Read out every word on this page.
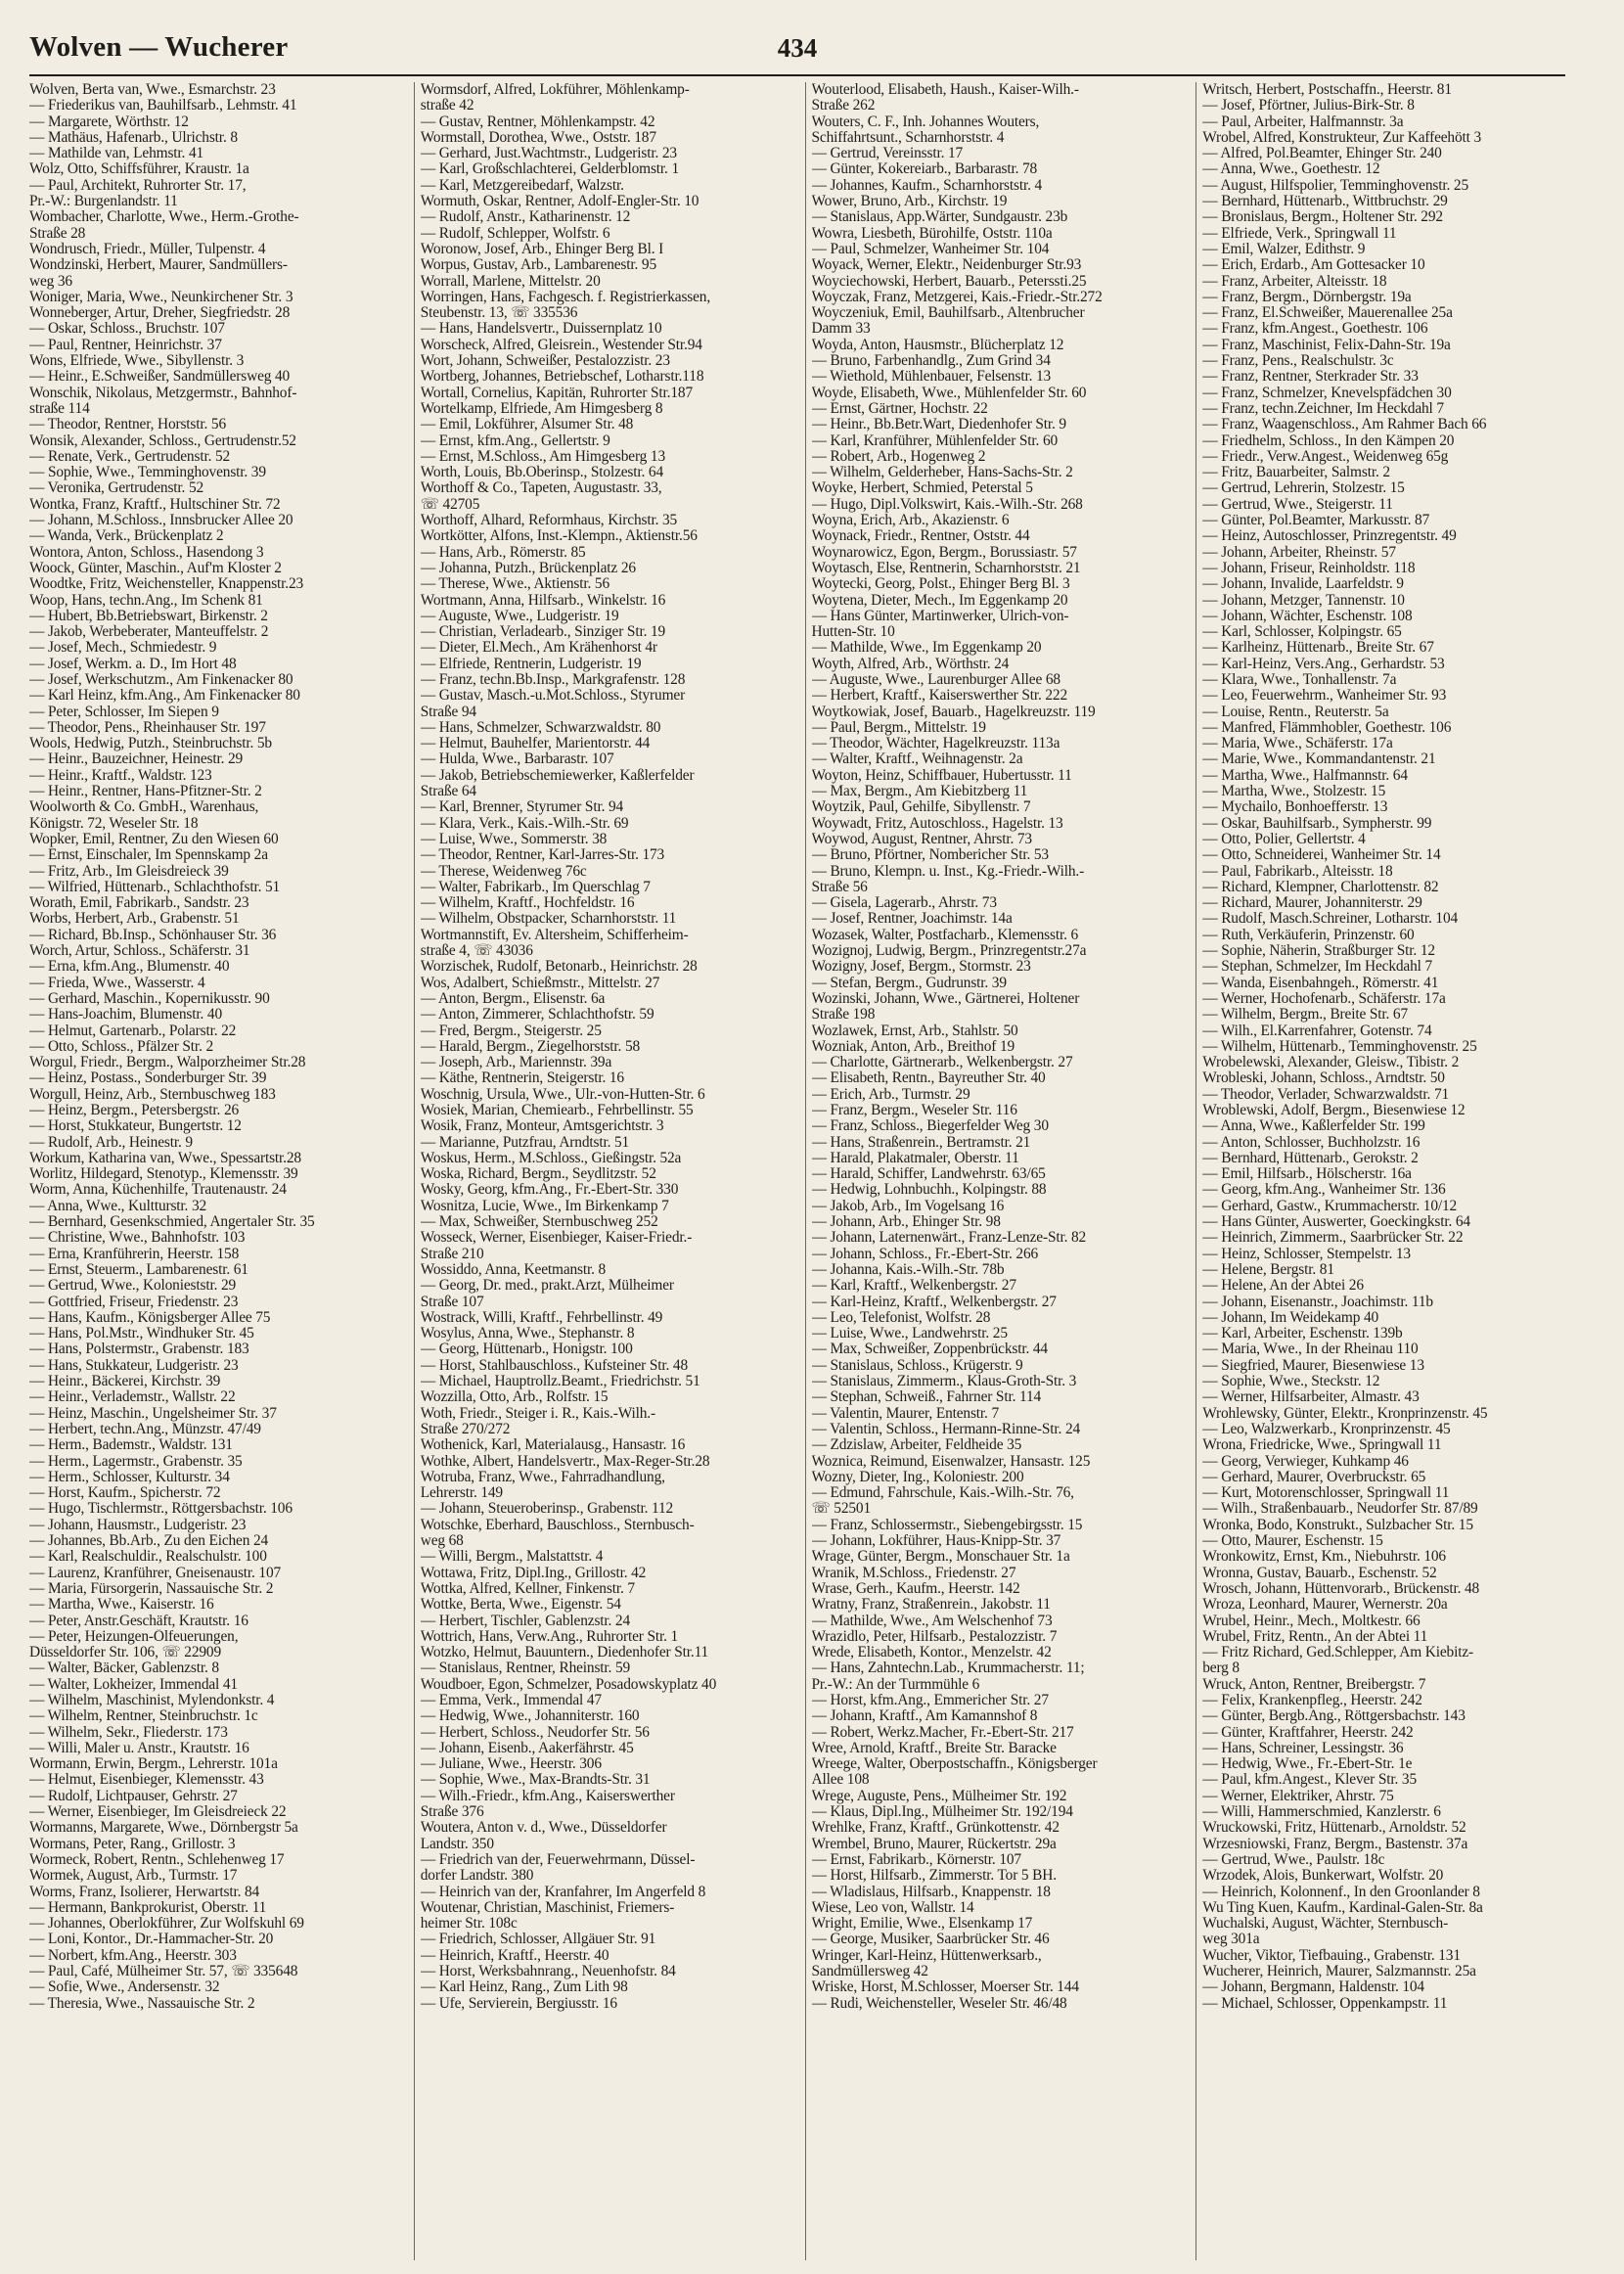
Wolven — Wucherer	434
Wolven, Berta van, Wwe., Esmarchstr. 23
— Friederikus van, Bauhilfsarb., Lehmstr. 41
— Margarete, Wörthstr. 12
— Mathäus, Hafenarb., Ulrichstr. 8
— Mathilde van, Lehmstr. 41
Wolz, Otto, Schiffsführer, Kraustr. 1a
— Paul, Architekt, Ruhrorter Str. 17,
Pr.-W.: Burgenlandstr. 11
Wombacher, Charlotte, Wwe., Herm.-Grothe-
Straße 28
Wondrusch, Friedr., Müller, Tulpenstr. 4
Wondzinski, Herbert, Maurer, Sandmüllers-
weg 36
Woniger, Maria, Wwe., Neunkirchener Str. 3
Wonneberger, Artur, Dreher, Siegfriedstr. 28
— Oskar, Schloss., Bruchstr. 107
— Paul, Rentner, Heinrichstr. 37
Wons, Elfriede, Wwe., Sibyllenstr. 3
— Heinr., E.Schweißer, Sandmüllersweg 40
Wonschik, Nikolaus, Metzgermstr., Bahnhof-
straße 114
— Theodor, Rentner, Horststr. 56
Wonsik, Alexander, Schloss., Gertrudenstr.52
— Renate, Verk., Gertrudenstr. 52
— Sophie, Wwe., Temminghovenstr. 39
— Veronika, Gertrudenstr. 52
Wontka, Franz, Kraftf., Hultschiner Str. 72
— Johann, M.Schloss., Innsbrucker Allee 20
— Wanda, Verk., Brückenplatz 2
Wontora, Anton, Schloss., Hasendong 3
Woock, Günter, Maschin., Auf'm Kloster 2
Woodtke, Fritz, Weichensteller, Knappenstr.23
Woop, Hans, techn.Ang., Im Schenk 81
— Hubert, Bb.Betriebswart, Birkenstr. 2
— Jakob, Werbeberater, Manteuffelstr. 2
— Josef, Mech., Schmiedestr. 9
— Josef, Werkm. a. D., Im Hort 48
— Josef, Werkschutzm., Am Finkenacker 80
— Karl Heinz, kfm.Ang., Am Finkenacker 80
— Peter, Schlosser, Im Siepen 9
— Theodor, Pens., Rheinhauser Str. 197
Wools, Hedwig, Putzh., Steinbruchstr. 5b
— Heinr., Bauzeichner, Heinestr. 29
— Heinr., Kraftf., Waldstr. 123
— Heinr., Rentner, Hans-Pfitzner-Str. 2
Woolworth & Co. GmbH., Warenhaus,
Königstr. 72, Weseler Str. 18
Wopker, Emil, Rentner, Zu den Wiesen 60
— Ernst, Einschaler, Im Spennskamp 2a
— Fritz, Arb., Im Gleisdreieck 39
— Wilfried, Hüttenarb., Schlachthofstr. 51
Worath, Emil, Fabrikarb., Sandstr. 23
Worbs, Herbert, Arb., Grabenstr. 51
— Richard, Bb.Insp., Schönhauser Str. 36
Worch, Artur, Schloss., Schäferstr. 31
— Erna, kfm.Ang., Blumenstr. 40
— Frieda, Wwe., Wasserstr. 4
— Gerhard, Maschin., Kopernikusstr. 90
— Hans-Joachim, Blumenstr. 40
— Helmut, Gartenarb., Polarstr. 22
— Otto, Schloss., Pfälzer Str. 2
Worgul, Friedr., Bergm., Walporzheimer Str.28
— Heinz, Postass., Sonderburger Str. 39
Worgull, Heinz, Arb., Sternbuschweg 183
— Heinz, Bergm., Petersbergstr. 26
— Horst, Stukkateur, Bungertstr. 12
— Rudolf, Arb., Heinestr. 9
Workum, Katharina van, Wwe., Spessartstr.28
Worlitz, Hildegard, Stenotyp., Klemensstr. 39
Worm, Anna, Küchenhilfe, Trautenaustr. 24
— Anna, Wwe., Kultturstr. 32
— Bernhard, Gesenkschmied, Angertaler Str. 35
— Christine, Wwe., Bahnhofstr. 103
— Erna, Kranführerin, Heerstr. 158
— Ernst, Steuerm., Lambarenestr. 61
— Gertrud, Wwe., Kolonieststr. 29
— Gottfried, Friseur, Friedenstr. 23
— Hans, Kaufm., Königsberger Allee 75
— Hans, Pol.Mstr., Windhuker Str. 45
— Hans, Polstermstr., Grabenstr. 183
— Hans, Stukkateur, Ludgeristr. 23
— Heinr., Bäckerei, Kirchstr. 39
— Heinr., Verlademstr., Wallstr. 22
— Heinz, Maschin., Ungelsheimer Str. 37
— Herbert, techn.Ang., Münzstr. 47/49
— Herm., Bademstr., Waldstr. 131
— Herm., Lagermstr., Grabenstr. 35
— Herm., Schlosser, Kulturstr. 34
— Horst, Kaufm., Spicherstr. 72
— Hugo, Tischlermstr., Röttgersbachstr. 106
— Johann, Hausmstr., Ludgeristr. 23
— Johannes, Bb.Arb., Zu den Eichen 24
— Karl, Realschuldir., Realschulstr. 100
— Laurenz, Kranführer, Gneisenaustr. 107
— Maria, Fürsorgerin, Nassauische Str. 2
— Martha, Wwe., Kaiserstr. 16
— Peter, Anstr.Geschäft, Krautstr. 16
— Peter, Heizungen-Ölfeuerungen,
Düsseldorfer Str. 106, ☏ 22909
— Walter, Bäcker, Gablenzstr. 8
— Walter, Lokheizer, Immendal 41
— Wilhelm, Maschinist, Mylendonkstr. 4
— Wilhelm, Rentner, Steinbruchstr. 1c
— Wilhelm, Sekr., Fliederstr. 173
— Willi, Maler u. Anstr., Krautstr. 16
Wormann, Erwin, Bergm., Lehrerstr. 101a
— Helmut, Eisenbieger, Klemensstr. 43
— Rudolf, Lichtpauser, Gehrstr. 27
— Werner, Eisenbieger, Im Gleisdreieck 22
Wormanns, Margarete, Wwe., Dörnbergstr 5a
Wormans, Peter, Rang., Grillostr. 3
Wormeck, Robert, Rentn., Schlehenweg 17
Wormek, August, Arb., Turmstr. 17
Worms, Franz, Isolierer, Herwartstr. 84
— Hermann, Bankprokurist, Oberstr. 11
— Johannes, Oberlokführer, Zur Wolfskuhl 69
— Loni, Kontor., Dr.-Hammacher-Str. 20
— Norbert, kfm.Ang., Heerstr. 303
— Paul, Café, Mülheimer Str. 57, ☏ 335648
— Sofie, Wwe., Andersenstr. 32
— Theresia, Wwe., Nassauische Str. 2
Wormsdorf, Alfred, Lokführer, Möhlenkamp-
straße 42
— Gustav, Rentner, Möhlenkampstr. 42
Wormstall, Dorothea, Wwe., Oststr. 187
— Gerhard, Just.Wachtmstr., Ludgeristr. 23
— Karl, Großschlachterei, Gelderblomstr. 1
— Karl, Metzgereibedarf, Walzstr.
Wormuth, Oskar, Rentner, Adolf-Engler-Str. 10
— Rudolf, Anstr., Katharinenstr. 12
— Rudolf, Schlepper, Wolfstr. 6
Woronow, Josef, Arb., Ehinger Berg Bl. I
Worpus, Gustav, Arb., Lambarenestr. 95
Worrall, Marlene, Mittelstr. 20
Worringen, Hans, Fachgesch. f. Registrierkassen,
Steubenstr. 13, ☏ 335536
— Hans, Handelsvertr., Duissernplatz 10
Worscheck, Alfred, Gleisrein., Westender Str.94
Wort, Johann, Schweißer, Pestalozzistr. 23
Wortberg, Johannes, Betriebschef, Lotharstr.118
Wortall, Cornelius, Kapitän, Ruhrorter Str.187
Wortelkamp, Elfriede, Am Himgesberg 8
— Emil, Lokführer, Alsumer Str. 48
— Ernst, kfm.Ang., Gellertstr. 9
— Ernst, M.Schloss., Am Himgesberg 13
Worth, Louis, Bb.Oberinsp., Stolzestr. 64
Worthoff & Co., Tapeten, Augustastr. 33,
☏ 42705
Worthoff, Alhard, Reformhaus, Kirchstr. 35
Wortkötter, Alfons, Inst.-Klempn., Aktienstr.56
— Hans, Arb., Römerstr. 85
— Johanna, Putzh., Brückenplatz 26
— Therese, Wwe., Aktienstr. 56
Wortmann, Anna, Hilfsarb., Winkelstr. 16
— Auguste, Wwe., Ludgeristr. 19
— Christian, Verladearb., Sinziger Str. 19
— Dieter, El.Mech., Am Krähenhorst 4r
— Elfriede, Rentnerin, Ludgeristr. 19
— Franz, techn.Bb.Insp., Markgrafenstr. 128
— Gustav, Masch.-u.Mot.Schloss., Styrumer
Straße 94
— Hans, Schmelzer, Schwarzwaldstr. 80
— Helmut, Bauhelfer, Marientorstr. 44
— Hulda, Wwe., Barbarastr. 107
— Jakob, Betriebschemiewerker, Kaßlerfelder
Straße 64
— Karl, Brenner, Styrumer Str. 94
— Klara, Verk., Kais.-Wilh.-Str. 69
— Luise, Wwe., Sommerstr. 38
— Theodor, Rentner, Karl-Jarres-Str. 173
— Therese, Weidenweg 76c
— Walter, Fabrikarb., Im Querschlag 7
— Wilhelm, Kraftf., Hochfeldstr. 16
— Wilhelm, Obstpacker, Scharnhorststr. 11
Wortmannstift, Ev. Altersheim, Schifferheim-
straße 4, ☏ 43036
Worzischek, Rudolf, Betonarb., Heinrichstr. 28
Wos, Adalbert, Schießmstr., Mittelstr. 27
— Anton, Bergm., Elisenstr. 6a
— Anton, Zimmerer, Schlachthofstr. 59
— Fred, Bergm., Steigerstr. 25
— Harald, Bergm., Ziegelhorststr. 58
— Joseph, Arb., Mariennstr. 39a
— Käthe, Rentnerin, Steigerstr. 16
Woschnig, Ursula, Wwe., Ulr.-von-Hutten-Str. 6
Wosiek, Marian, Chemiearb., Fehrbellinstr. 55
Wosik, Franz, Monteur, Amtsgerichtstr. 3
— Marianne, Putzfrau, Arndtstr. 51
Woskus, Herm., M.Schloss., Gießingstr. 52a
Woska, Richard, Bergm., Seydlitzstr. 52
Wosky, Georg, kfm.Ang., Fr.-Ebert-Str. 330
Wosnitza, Lucie, Wwe., Im Birkenkamp 7
— Max, Schweißer, Sternbuschweg 252
Wosseck, Werner, Eisenbieger, Kaiser-Friedr.-
Straße 210
Wossiddo, Anna, Keetmanstr. 8
— Georg, Dr. med., prakt.Arzt, Mülheimer
Straße 107
Wostrack, Willi, Kraftf., Fehrbellinstr. 49
Wosylus, Anna, Wwe., Stephanstr. 8
— Georg, Hüttenarb., Honigstr. 100
— Horst, Stahlbauschloss., Kufsteiner Str. 48
— Michael, Hauptrollz.Beamt., Friedrichstr. 51
Wozzilla, Otto, Arb., Rolfstr. 15
Woth, Friedr., Steiger i. R., Kais.-Wilh.-
Straße 270/272
Wothenick, Karl, Materialausg., Hansastr. 16
Wothke, Albert, Handelsvertr., Max-Reger-Str.28
Wotruba, Franz, Wwe., Fahrradhandlung,
Lehrerstr. 149
— Johann, Steueroberinsp., Grabenstr. 112
Wotschke, Eberhard, Bauschloss., Sternbusch-
weg 68
— Willi, Bergm., Malstattstr. 4
Wottawa, Fritz, Dipl.Ing., Grillostr. 42
Wottka, Alfred, Kellner, Finkenstr. 7
Wottke, Berta, Wwe., Eigenstr. 54
— Herbert, Tischler, Gablenzstr. 24
Wottrich, Hans, Verw.Ang., Ruhrorter Str. 1
Wotzko, Helmut, Bauuntern., Diedenhofer Str.11
— Stanislaus, Rentner, Rheinstr. 59
Woudboer, Egon, Schmelzer, Posadowskyplatz 40
— Emma, Verk., Immendal 47
— Hedwig, Wwe., Johanniterstr. 160
— Herbert, Schloss., Neudorfer Str. 56
— Johann, Eisenb., Aakerfährstr. 45
— Juliane, Wwe., Heerstr. 306
— Sophie, Wwe., Max-Brandts-Str. 31
— Wilh.-Friedr., kfm.Ang., Kaiserswerther
Straße 376
Woutera, Anton v. d., Wwe., Düsseldorfer
Landstr. 350
— Friedrich van der, Feuerwehrmann, Düssel-
dorfer Landstr. 380
— Heinrich van der, Kranfahrer, Im Angerfeld 8
Woutenar, Christian, Maschinist, Friemers-
heimer Str. 108c
— Friedrich, Schlosser, Allgäuer Str. 91
— Heinrich, Kraftf., Heerstr. 40
— Horst, Werksbahnrang., Neuenhofstr. 84
— Karl Heinz, Rang., Zum Lith 98
— Ufe, Servierein, Bergiusstr. 16
Wouterlood, Elisabeth, Haush., Kaiser-Wilh.-
Straße 262
Wouters, C. F., Inh. Johannes Wouters,
Schiffahrtsunt., Scharnhorststr. 4
— Gertrud, Vereinsstr. 17
— Günter, Kokereiarb., Barbarastr. 78
— Johannes, Kaufm., Scharnhorststr. 4
Wower, Bruno, Arb., Kirchstr. 19
— Stanislaus, App.Wärter, Sundgaustr. 23b
Wowra, Liesbeth, Bürohilfe, Oststr. 110a
— Paul, Schmelzer, Wanheimer Str. 104
Woyack, Werner, Elektr., Neidenburger Str.93
Woyciechowski, Herbert, Bauarb., Peterssti.25
Woyczak, Franz, Metzgerei, Kais.-Friedr.-Str.272
Woyczeniuk, Emil, Bauhilfsarb., Altenbrucher
Damm 33
Woyda, Anton, Hausmstr., Blücherplatz 12
— Bruno, Farbenhandlg., Zum Grind 34
— Wiethold, Mühlenbauer, Felsenstr. 13
Woyde, Elisabeth, Wwe., Mühlenfelder Str. 60
— Ernst, Gärtner, Hochstr. 22
— Heinr., Bb.Betr.Wart, Diedenhofer Str. 9
— Karl, Kranführer, Mühlenfelder Str. 60
— Robert, Arb., Hogenweg 2
— Wilhelm, Gelderheber, Hans-Sachs-Str. 2
Woyke, Herbert, Schmied, Peterstal 5
— Hugo, Dipl.Volkswirt, Kais.-Wilh.-Str. 268
Woyna, Erich, Arb., Akazienstr. 6
Woynack, Friedr., Rentner, Oststr. 44
Woynarowicz, Egon, Bergm., Borussiastr. 57
Woytasch, Else, Rentnerin, Scharnhorststr. 21
Woytecki, Georg, Polst., Ehinger Berg Bl. 3
Woytena, Dieter, Mech., Im Eggenkamp 20
— Hans Günter, Martinwerker, Ulrich-von-
Hutten-Str. 10
— Mathilde, Wwe., Im Eggenkamp 20
Woyth, Alfred, Arb., Wörthstr. 24
— Auguste, Wwe., Laurenburger Allee 68
— Herbert, Kraftf., Kaiserswerther Str. 222
Woytkowiak, Josef, Bauarb., Hagelkreuzstr. 119
— Paul, Bergm., Mittelstr. 19
— Theodor, Wächter, Hagelkreuzstr. 113a
— Walter, Kraftf., Weihnagenstr. 2a
Woyton, Heinz, Schiffbauer, Hubertusstr. 11
— Max, Bergm., Am Kiebitzberg 11
Woytzik, Paul, Gehilfe, Sibyllenstr. 7
Woywadt, Fritz, Autoschloss., Hagelstr. 13
Woywod, August, Rentner, Ahrstr. 73
— Bruno, Pförtner, Nombericher Str. 53
— Bruno, Klempn. u. Inst., Kg.-Friedr.-Wilh.-
Straße 56
— Gisela, Lagerarb., Ahrstr. 73
— Josef, Rentner, Joachimstr. 14a
Wozasek, Walter, Postfacharb., Klemensstr. 6
Wozignoj, Ludwig, Bergm., Prinzregentstr.27a
Wozigny, Josef, Bergm., Stormstr. 23
— Stefan, Bergm., Gudrunstr. 39
Wozinski, Johann, Wwe., Gärtnerei, Holtener
Straße 198
Wozlawek, Ernst, Arb., Stahlstr. 50
Wozniak, Anton, Arb., Breithof 19
— Charlotte, Gärtnerarb., Welkenbergstr. 27
— Elisabeth, Rentn., Bayreuther Str. 40
— Erich, Arb., Turmstr. 29
— Franz, Bergm., Weseler Str. 116
— Franz, Schloss., Biegerfelder Weg 30
— Hans, Straßenrein., Bertramstr. 21
— Harald, Plakatmaler, Oberstr. 11
— Harald, Schiffer, Landwehrstr. 63/65
— Hedwig, Lohnbuchh., Kolpingstr. 88
— Jakob, Arb., Im Vogelsang 16
— Johann, Arb., Ehinger Str. 98
— Johann, Laternenwärt., Franz-Lenze-Str. 82
— Johann, Schloss., Fr.-Ebert-Str. 266
— Johanna, Kais.-Wilh.-Str. 78b
— Karl, Kraftf., Welkenbergstr. 27
— Karl-Heinz, Kraftf., Welkenbergstr. 27
— Leo, Telefonist, Wolfstr. 28
— Luise, Wwe., Landwehrstr. 25
— Max, Schweißer, Zoppenbrückstr. 44
— Stanislaus, Schloss., Krügerstr. 9
— Stanislaus, Zimmerm., Klaus-Groth-Str. 3
— Stephan, Schweiß., Fahrner Str. 114
— Valentin, Maurer, Entenstr. 7
— Valentin, Schloss., Hermann-Rinne-Str. 24
— Zdzislaw, Arbeiter, Feldheide 35
Woznica, Reimund, Eisenwalzer, Hansastr. 125
Wozny, Dieter, Ing., Koloniestr. 200
— Edmund, Fahrschule, Kais.-Wilh.-Str. 76,
☏ 52501
— Franz, Schlossermstr., Siebengebirgsstr. 15
— Johann, Lokführer, Haus-Knipp-Str. 37
Wrage, Günter, Bergm., Monschauer Str. 1a
Wranik, M.Schloss., Friedenstr. 27
Wrase, Gerh., Kaufm., Heerstr. 142
Wratny, Franz, Straßenrein., Jakobstr. 11
— Mathilde, Wwe., Am Welschenhof 73
Wrazidlo, Peter, Hilfsarb., Pestalozzistr. 7
Wrede, Elisabeth, Kontor., Menzelstr. 42
— Hans, Zahntechn.Lab., Krummacherstr. 11;
Pr.-W.: An der Turmmühle 6
— Horst, kfm.Ang., Emmericher Str. 27
— Johann, Kraftf., Am Kamannshof 8
— Robert, Werkz.Macher, Fr.-Ebert-Str. 217
Wree, Arnold, Kraftf., Breite Str. Baracke
Wreege, Walter, Oberpostschaffn., Königsberger
Allee 108
Wrege, Auguste, Pens., Mülheimer Str. 192
— Klaus, Dipl.Ing., Mülheimer Str. 192/194
Wrehlke, Franz, Kraftf., Grünkottenstr. 42
Wrembel, Bruno, Maurer, Rückertstr. 29a
— Ernst, Fabrikarb., Körnerstr. 107
— Horst, Hilfsarb., Zimmerstr. Tor 5 BH.
— Wladislaus, Hilfsarb., Knappenstr. 18
Wiese, Leo von, Wallstr. 14
Wright, Emilie, Wwe., Elsenkamp 17
— George, Musiker, Saarbrücker Str. 46
Wringer, Karl-Heinz, Hüttenwerksarb.,
Sandmüllersweg 42
Wriske, Horst, M.Schlosser, Moerser Str. 144
— Rudi, Weichensteller, Weseler Str. 46/48
Writsch, Herbert, Postschaffn., Heerstr. 81
— Josef, Pförtner, Julius-Birk-Str. 8
— Paul, Arbeiter, Halfmannstr. 3a
Wrobel, Alfred, Konstrukteur, Zur Kaffeehött 3
— Alfred, Pol.Beamter, Ehinger Str. 240
— Anna, Wwe., Goethestr. 12
— August, Hilfspolier, Temminghovenstr. 25
— Bernhard, Hüttenarb., Wittbruchstr. 29
— Bronislaus, Bergm., Holtener Str. 292
— Elfriede, Verk., Springwall 11
— Emil, Walzer, Edithstr. 9
— Erich, Erdarb., Am Gottesacker 10
— Franz, Arbeiter, Alteisstr. 18
— Franz, Bergm., Dörnbergstr. 19a
— Franz, El.Schweißer, Mauerenallee 25a
— Franz, kfm.Angest., Goethestr. 106
— Franz, Maschinist, Felix-Dahn-Str. 19a
— Franz, Pens., Realschulstr. 3c
— Franz, Rentner, Sterkrader Str. 33
— Franz, Schmelzer, Knevelspfädchen 30
— Franz, techn.Zeichner, Im Heckdahl 7
— Franz, Waagenschloss., Am Rahmer Bach 66
— Friedhelm, Schloss., In den Kämpen 20
— Friedr., Verw.Angest., Weidenweg 65g
— Fritz, Bauarbeiter, Salmstr. 2
— Gertrud, Lehrerin, Stolzestr. 15
— Gertrud, Wwe., Steigerstr. 11
— Günter, Pol.Beamter, Markusstr. 87
— Heinz, Autoschlosser, Prinzregentstr. 49
— Johann, Arbeiter, Rheinstr. 57
— Johann, Friseur, Reinholdstr. 118
— Johann, Invalide, Laarfeldstr. 9
— Johann, Metzger, Tannenstr. 10
— Johann, Wächter, Eschenstr. 108
— Karl, Schlosser, Kolpingstr. 65
— Karlheinz, Hüttenarb., Breite Str. 67
— Karl-Heinz, Vers.Ang., Gerhardstr. 53
— Klara, Wwe., Tonhallenstr. 7a
— Leo, Feuerwehrm., Wanheimer Str. 93
— Louise, Rentn., Reuterstr. 5a
— Manfred, Flämmhobler, Goethestr. 106
— Maria, Wwe., Schäferstr. 17a
— Marie, Wwe., Kommandantenstr. 21
— Martha, Wwe., Halfmannstr. 64
— Martha, Wwe., Stolzestr. 15
— Mychailo, Bonhoefferstr. 13
— Oskar, Bauhilfsarb., Sympherstr. 99
— Otto, Polier, Gellertstr. 4
— Otto, Schneiderei, Wanheimer Str. 14
— Paul, Fabrikarb., Alteisstr. 18
— Richard, Klempner, Charlottenstr. 82
— Richard, Maurer, Johanniterstr. 29
— Rudolf, Masch.Schreiner, Lotharstr. 104
— Ruth, Verkäuferin, Prinzenstr. 60
— Sophie, Näherin, Straßburger Str. 12
— Stephan, Schmelzer, Im Heckdahl 7
— Wanda, Eisenbahngeh., Römerstr. 41
— Werner, Hochofenarb., Schäferstr. 17a
— Wilhelm, Bergm., Breite Str. 67
— Wilh., El.Karrenfahrer, Gotenstr. 74
— Wilhelm, Hüttenarb., Temminghovenstr. 25
Wrobelewski, Alexander, Gleisw., Tibistr. 2
Wrobleski, Johann, Schloss., Arndtstr. 50
— Theodor, Verlader, Schwarzwaldstr. 71
Wroblewski, Adolf, Bergm., Biesenwiese 12
— Anna, Wwe., Kaßlerfelder Str. 199
— Anton, Schlosser, Buchholzstr. 16
— Bernhard, Hüttenarb., Gerokstr. 2
— Emil, Hilfsarb., Hölscherstr. 16a
— Georg, kfm.Ang., Wanheimer Str. 136
— Gerhard, Gastw., Krummacherstr. 10/12
— Hans Günter, Auswerter, Goeckingkstr. 64
— Heinrich, Zimmerm., Saarbrücker Str. 22
— Heinz, Schlosser, Stempelstr. 13
— Helene, Bergstr. 81
— Helene, An der Abtei 26
— Johann, Eisenanstr., Joachimstr. 11b
— Johann, Im Weidekamp 40
— Karl, Arbeiter, Eschenstr. 139b
— Maria, Wwe., In der Rheinau 110
— Siegfried, Maurer, Biesenwiese 13
— Sophie, Wwe., Steckstr. 12
— Werner, Hilfsarbeiter, Almastr. 43
Wrohlewsky, Günter, Elektr., Kronprinzenstr. 45
— Leo, Walzwerkarb., Kronprinzenstr. 45
Wrona, Friedricke, Wwe., Springwall 11
— Georg, Verwieger, Kuhkamp 46
— Gerhard, Maurer, Overbruckstr. 65
— Kurt, Motorenschlosser, Springwall 11
— Wilh., Straßenbauarb., Neudorfer Str. 87/89
Wronka, Bodo, Konstrukt., Sulzbacher Str. 15
— Otto, Maurer, Eschenstr. 15
Wronkowitz, Ernst, Km., Niebuhrstr. 106
Wronna, Gustav, Bauarb., Eschenstr. 52
Wrosch, Johann, Hüttenvorarb., Brückenstr. 48
Wroza, Leonhard, Maurer, Wernerstr. 20a
Wrubel, Heinr., Mech., Moltkestr. 66
Wrubel, Fritz, Rentn., An der Abtei 11
— Fritz Richard, Ged.Schlepper, Am Kiebitz-
berg 8
Wruck, Anton, Rentner, Breibergstr. 7
— Felix, Krankenpfleg., Heerstr. 242
— Günter, Bergb.Ang., Röttgersbachstr. 143
— Günter, Kraftfahrer, Heerstr. 242
— Hans, Schreiner, Lessingstr. 36
— Hedwig, Wwe., Fr.-Ebert-Str. 1e
— Paul, kfm.Angest., Klever Str. 35
— Werner, Elektriker, Ahrstr. 75
— Willi, Hammerschmied, Kanzlerstr. 6
Wruckowski, Fritz, Hüttenarb., Arnoldstr. 52
Wrzesniowski, Franz, Bergm., Bastenstr. 37a
— Gertrud, Wwe., Paulstr. 18c
Wrzodek, Alois, Bunkerwart, Wolfstr. 20
— Heinrich, Kolonnenf., In den Groonlander 8
Wu Ting Kuen, Kaufm., Kardinal-Galen-Str. 8a
Wuchalski, August, Wächter, Sternbusch-
weg 301a
Wucher, Viktor, Tiefbauing., Grabenstr. 131
Wucherer, Heinrich, Maurer, Salzmannstr. 25a
— Johann, Bergmann, Haldenstr. 104
— Michael, Schlosser, Oppenkampstr. 11
